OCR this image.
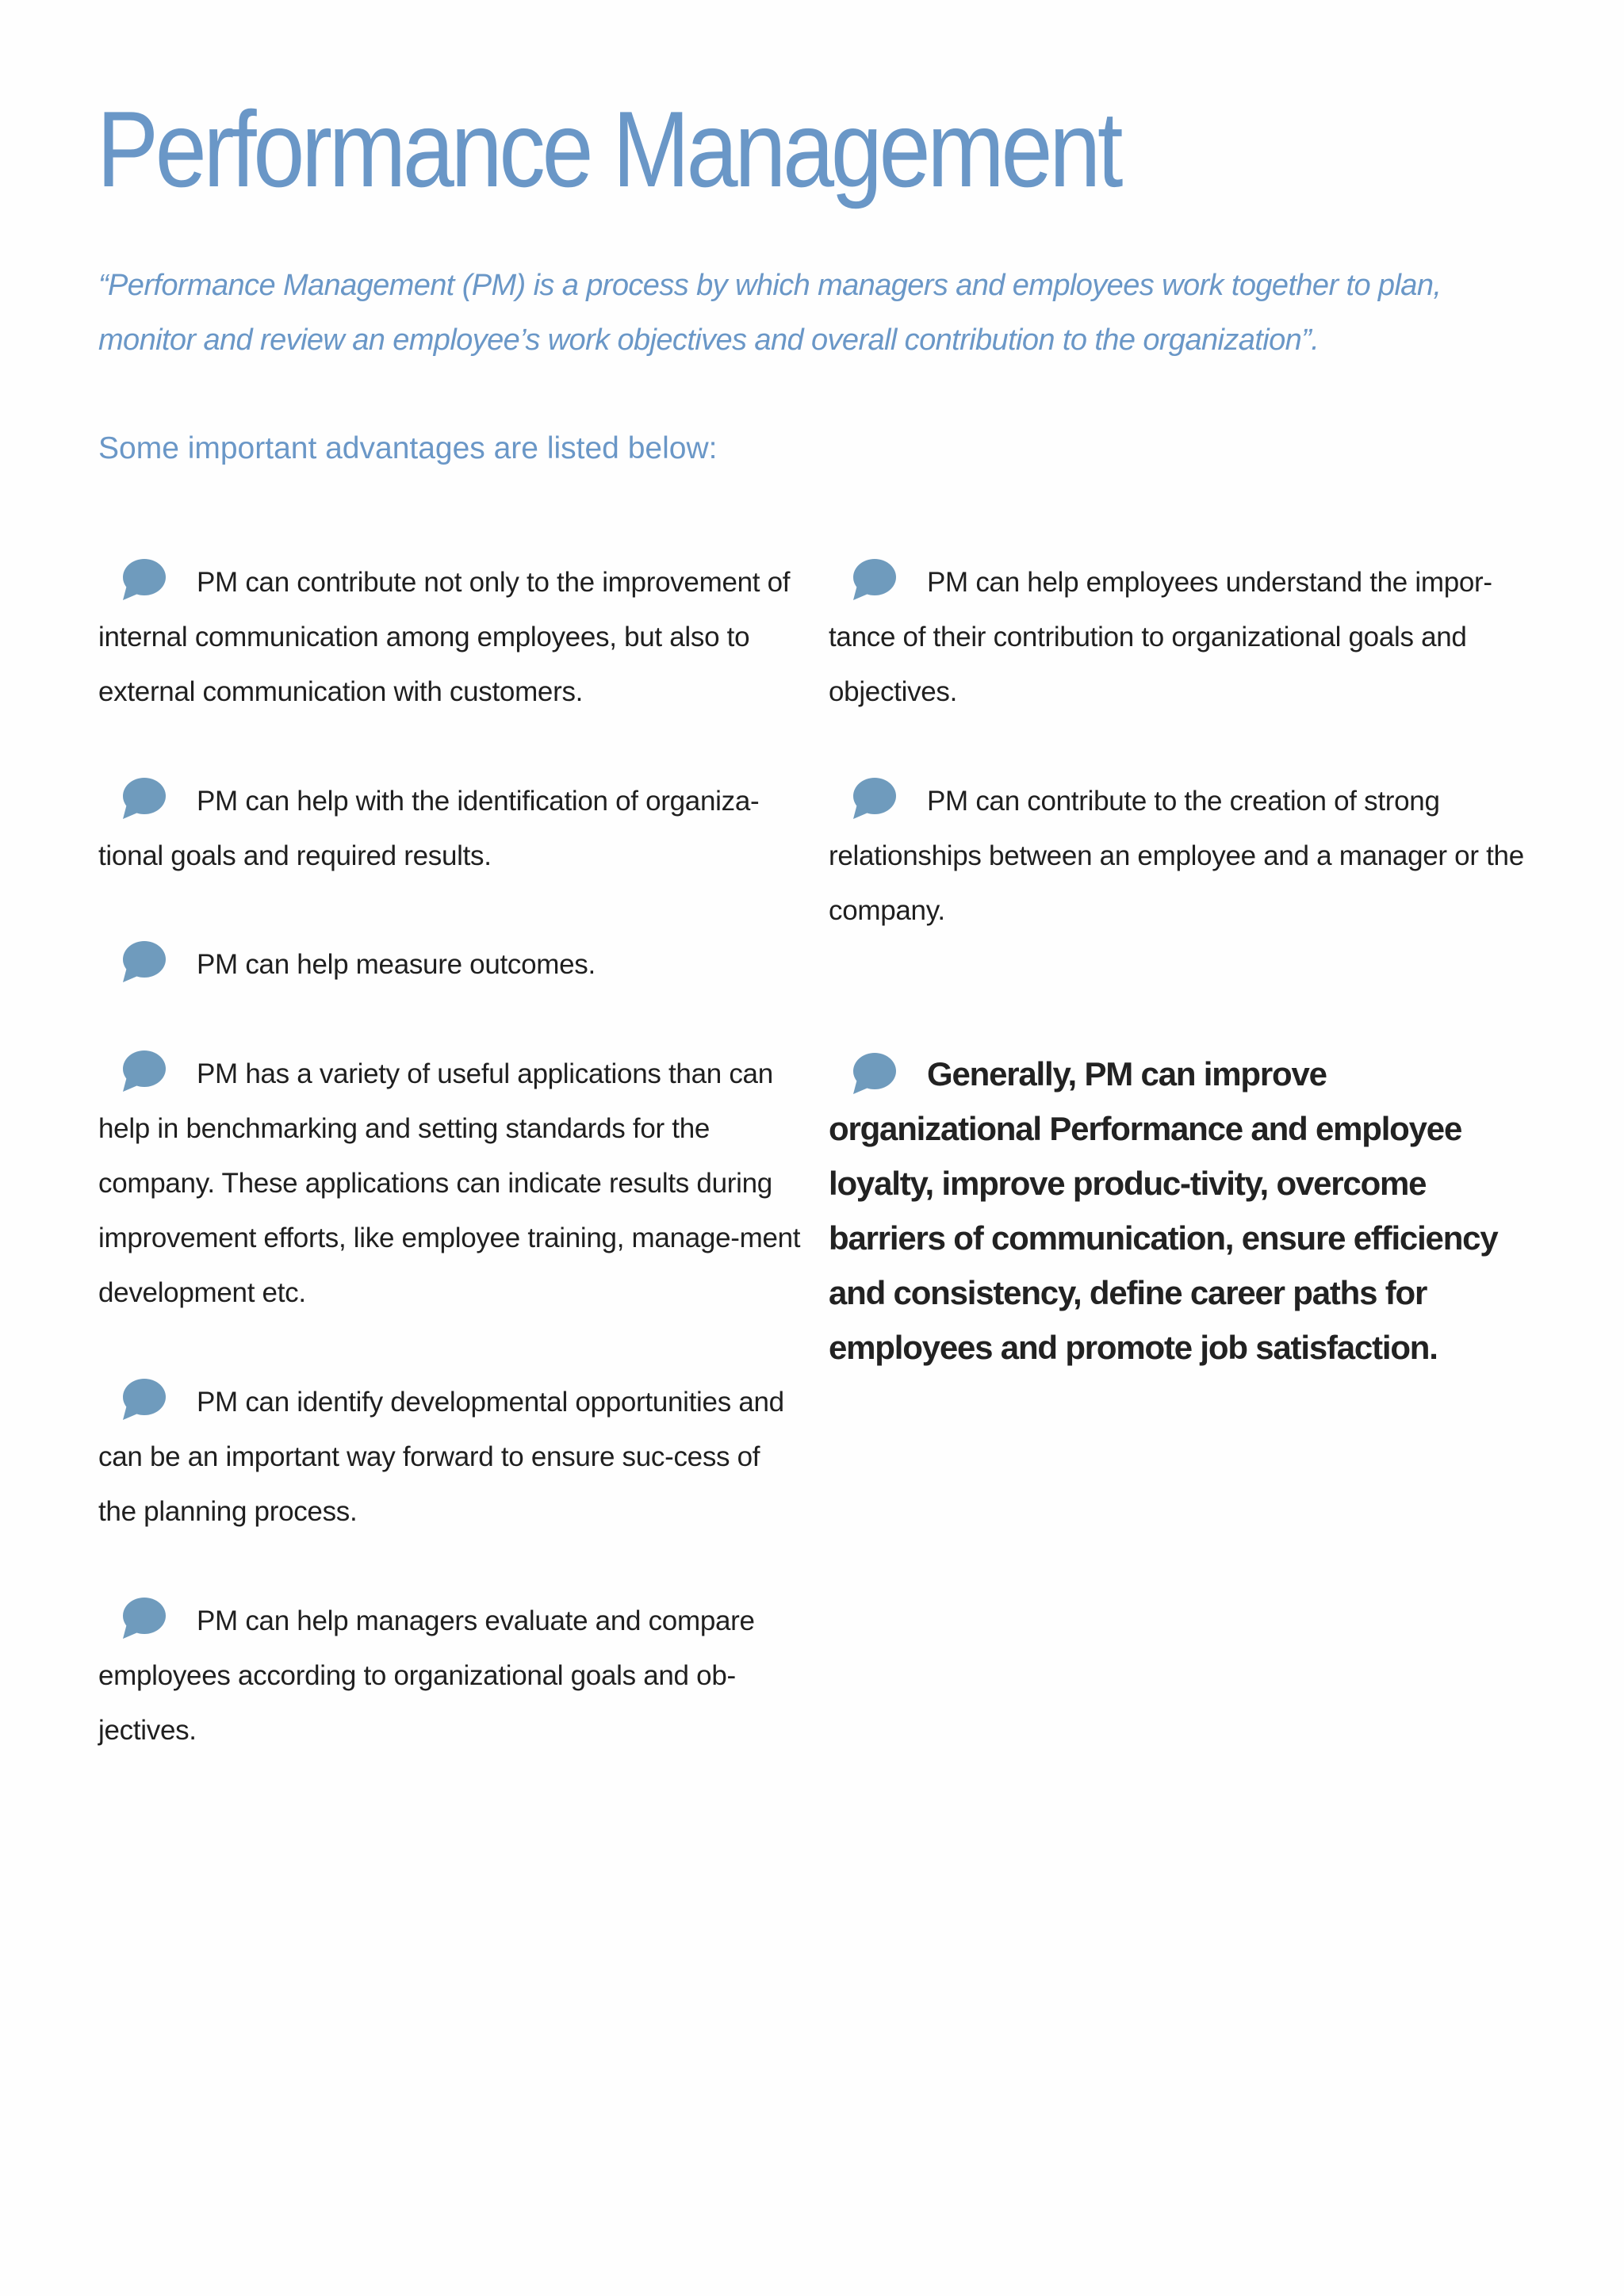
Performance Management

“Performance Management (PM) is a process by which managers and employees work together to plan, monitor and review an employee’s work objectives and overall contribution to the organization”.

Some important advantages are listed below:

PM can contribute not only to the improvement of internal communication among employees, but also to external communication with customers.

PM can help with the identification of organiza-tional goals and required results.

PM can help measure outcomes.

PM has a variety of useful applications than can help in benchmarking and setting standards for the company. These applications can indicate results during improvement efforts, like employee training, manage-ment development etc.

PM can identify developmental opportunities and can be an important way forward to ensure suc-cess of the planning process.

PM can help managers evaluate and compare employees according to organizational goals and ob-jectives.

PM can help employees understand the impor-tance of their contribution to organizational goals and objectives.

PM can contribute to the creation of strong relationships between an employee and a manager or the company.

Generally, PM can improve organizational Performance and employee loyalty, improve produc-tivity, overcome barriers of communication, ensure efficiency and consistency, define career paths for employees and promote job satisfaction.
